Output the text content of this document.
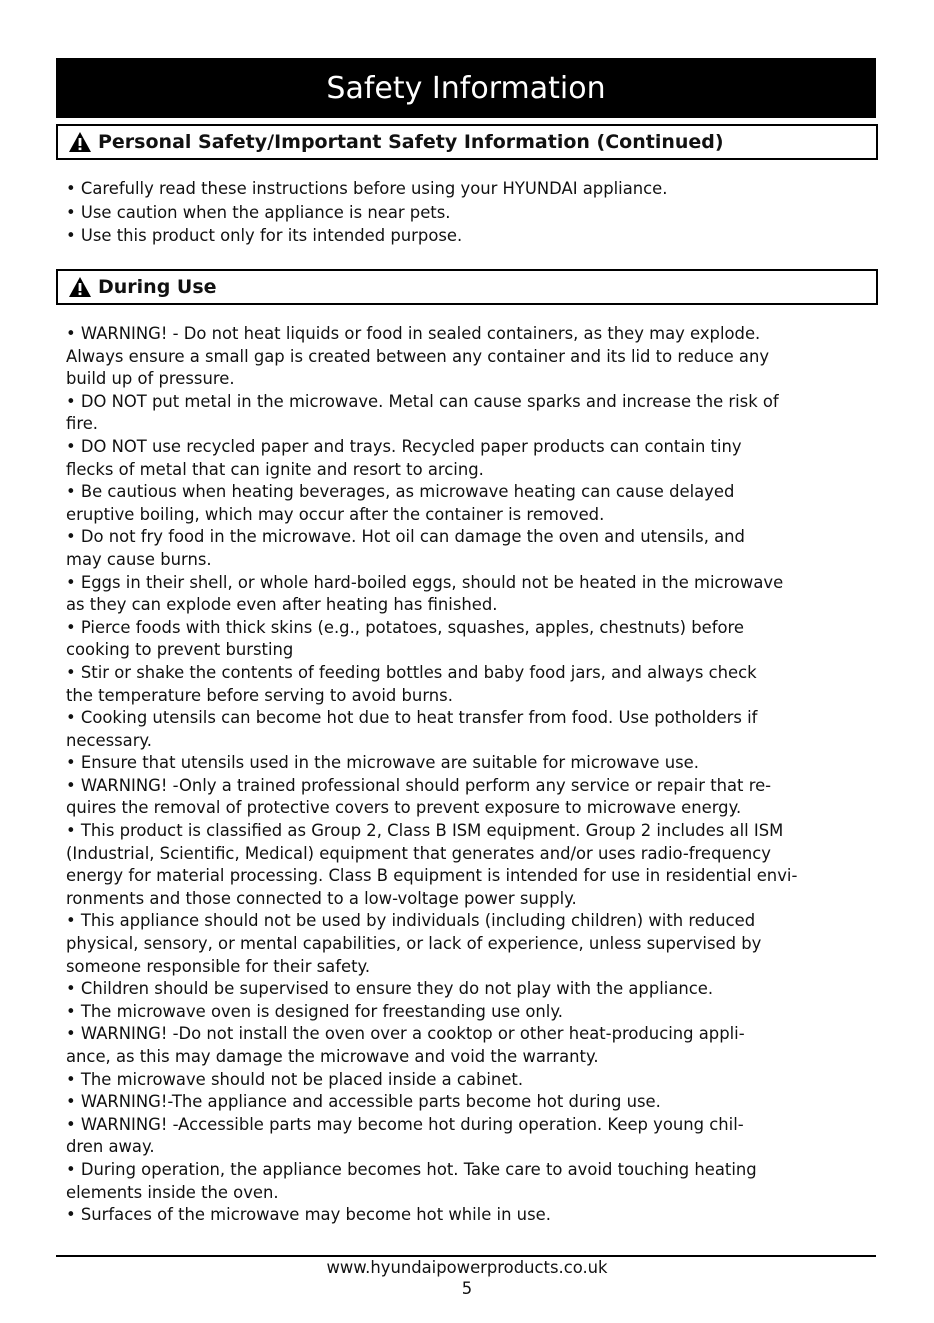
Safety Information
Personal Safety/Important Safety Information (Continued)
• Carefully read these instructions before using your HYUNDAI appliance.
• Use caution when the appliance is near pets.
• Use this product only for its intended purpose.
During Use
• WARNING! - Do not heat liquids or food in sealed containers, as they may explode.
Always ensure a small gap is created between any container and its lid to reduce any
build up of pressure.
• DO NOT put metal in the microwave. Metal can cause sparks and increase the risk of
fire.
• DO NOT use recycled paper and trays. Recycled paper products can contain tiny
flecks of metal that can ignite and resort to arcing.
• Be cautious when heating beverages, as microwave heating can cause delayed
eruptive boiling, which may occur after the container is removed.
• Do not fry food in the microwave. Hot oil can damage the oven and utensils, and
may cause burns.
• Eggs in their shell, or whole hard-boiled eggs, should not be heated in the microwave
as they can explode even after heating has finished.
• Pierce foods with thick skins (e.g., potatoes, squashes, apples, chestnuts) before
cooking to prevent bursting
• Stir or shake the contents of feeding bottles and baby food jars, and always check
the temperature before serving to avoid burns.
• Cooking utensils can become hot due to heat transfer from food. Use potholders if
necessary.
• Ensure that utensils used in the microwave are suitable for microwave use.
• WARNING! -Only a trained professional should perform any service or repair that re-
quires the removal of protective covers to prevent exposure to microwave energy.
• This product is classified as Group 2, Class B ISM equipment. Group 2 includes all ISM
(Industrial, Scientific, Medical) equipment that generates and/or uses radio-frequency
energy for material processing. Class B equipment is intended for use in residential envi-
ronments and those connected to a low-voltage power supply.
• This appliance should not be used by individuals (including children) with reduced
physical, sensory, or mental capabilities, or lack of experience, unless supervised by
someone responsible for their safety.
• Children should be supervised to ensure they do not play with the appliance.
• The microwave oven is designed for freestanding use only.
• WARNING! -Do not install the oven over a cooktop or other heat-producing appli-
ance, as this may damage the microwave and void the warranty.
• The microwave should not be placed inside a cabinet.
• WARNING!-The appliance and accessible parts become hot during use.
• WARNING! -Accessible parts may become hot during operation. Keep young chil-
dren away.
• During operation, the appliance becomes hot. Take care to avoid touching heating
elements inside the oven.
• Surfaces of the microwave may become hot while in use.
www.hyundaipowerproducts.co.uk
5
